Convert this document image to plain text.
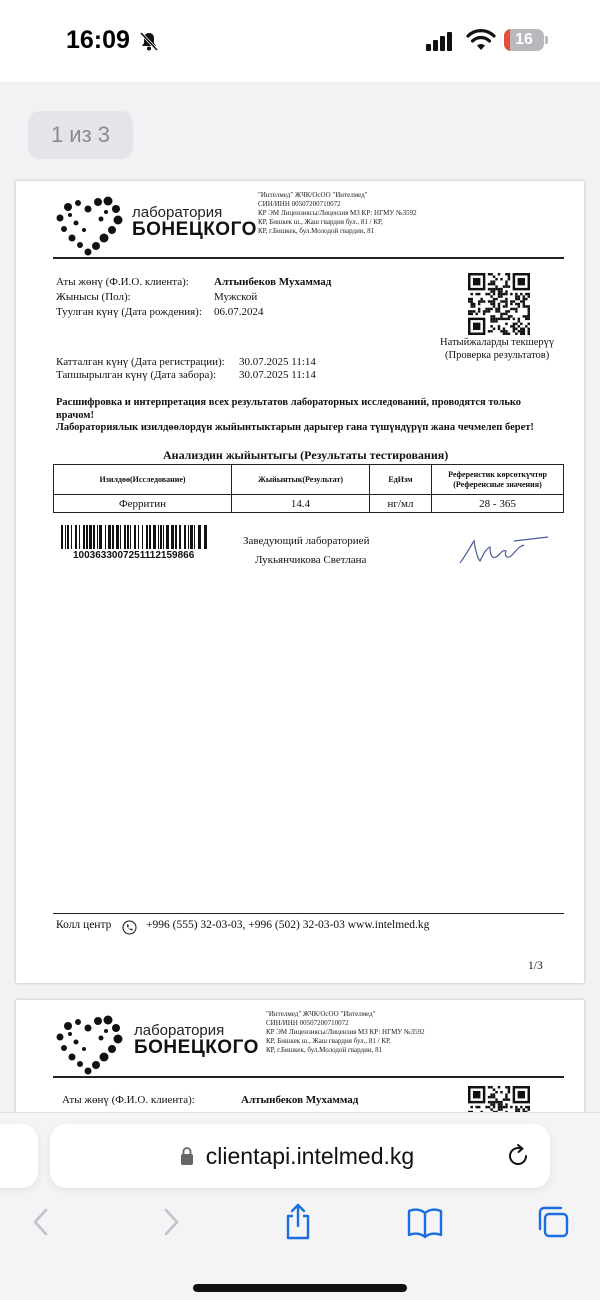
16:09	16
1 из 3
лаборатория
БОНЕЦКОГО
"Интелмед" ЖЧК/ОсОО "Интелмед"
СИН/ИНН 00507200710072
КР ЭМ Лицензиясы/Лицензия МЗ КР: НГМУ №3592
КР, Бишкек ш., Жаш гвардия бул., 81 / КР,
КР, г.Бишкек, бул.Молодой гвардии, 81
Аты жөнү (Ф.И.О. клиента): Алтынбеков Мухаммад
Жынысы (Пол):	Мужской
Туулган күнү (Дата рождения): 06.07.2024
Натыйжаларды текшерүү
(Проверка результатов)
Катталган күнү (Дата регистрации): 30.07.2025 11:14
Тапшырылган күнү (Дата забора): 30.07.2025 11:14
Расшифровка и интерпретация всех результатов лабораторных исследований, проводятся только
врачом!
Лабораториялык изилдөөлордүн жыйынтыктарын дарыгер гана түшүндүрүп жана чечмелеп берет!
Анализдин жыйынтыгы (Результаты тестирования)
Изилдөө(Исследование)	Жыйынтык(Результат)	ЕдИзм	Референстик көрсөткүчтөр (Референсные значения)
Ферритин	14.4	нг/мл	28 - 365
1003633007251112159866
Заведующий лабораторией
Лукьянчикова Светлана
Колл центр	+996 (555) 32-03-03, +996 (502) 32-03-03 www.intelmed.kg
1/3
лаборатория
БОНЕЦКОГО
"Интелмед" ЖЧК/ОсОО "Интелмед"
СИН/ИНН 00507200710072
КР ЭМ Лицензиясы/Лицензия МЗ КР: НГМУ №3592
КР, Бишкек ш., Жаш гвардия бул., 81 / КР,
КР, г.Бишкек, бул.Молодой гвардии, 81
Аты жөнү (Ф.И.О. клиента):	Алтынбеков Мухаммад
clientapi.intelmed.kg
